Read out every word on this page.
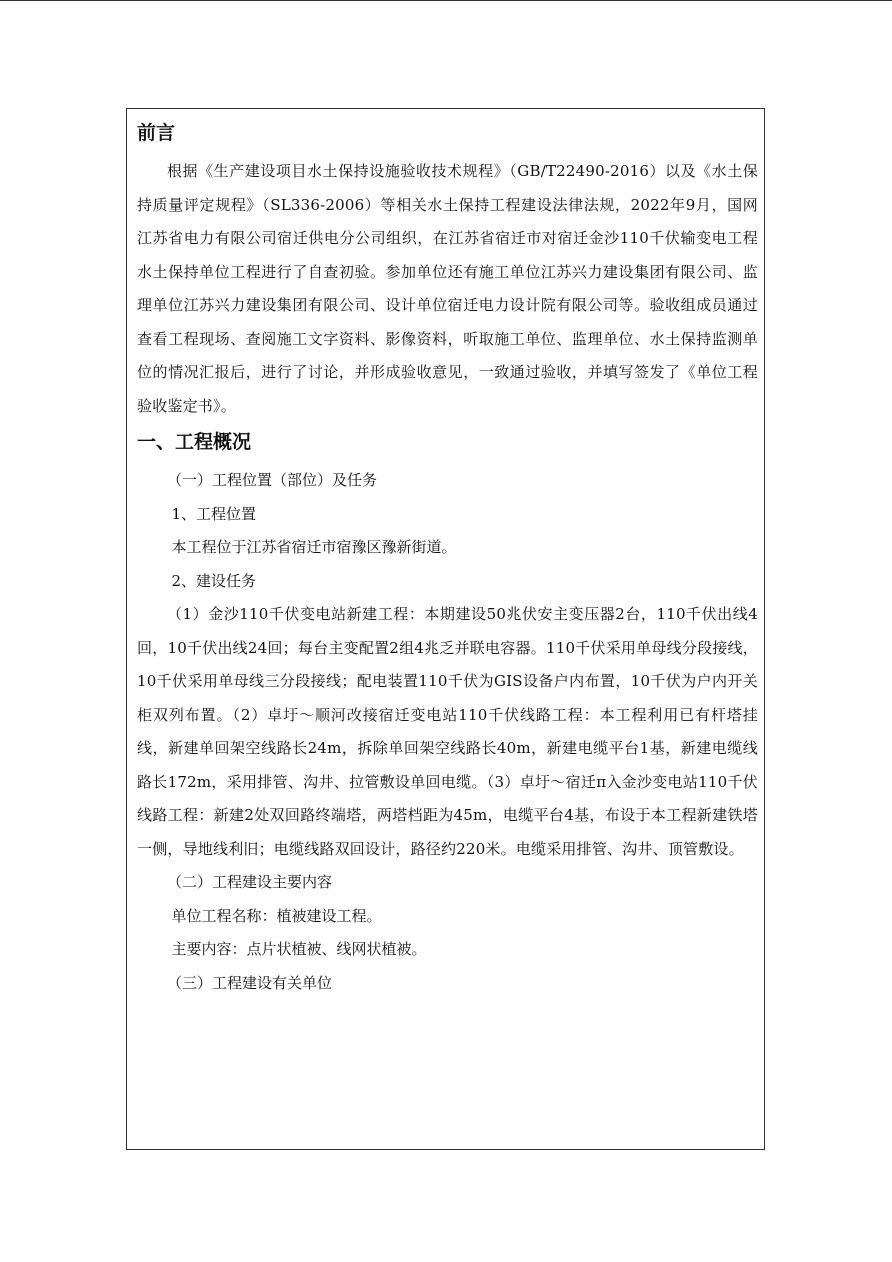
前言

根据《生产建设项目水土保持设施验收技术规程》（GB/T22490-2016）以及《水土保持质量评定规程》（SL336-2006）等相关水土保持工程建设法律法规，2022年9月，国网江苏省电力有限公司宿迁供电分公司组织，在江苏省宿迁市对宿迁金沙110千伏输变电工程水土保持单位工程进行了自查初验。参加单位还有施工单位江苏兴力建设集团有限公司、监理单位江苏兴力建设集团有限公司、设计单位宿迁电力设计院有限公司等。验收组成员通过查看工程现场、查阅施工文字资料、影像资料，听取施工单位、监理单位、水土保持监测单位的情况汇报后，进行了讨论，并形成验收意见，一致通过验收，并填写签发了《单位工程验收鉴定书》。

一、工程概况

（一）工程位置（部位）及任务

1、工程位置

本工程位于江苏省宿迁市宿豫区豫新街道。

2、建设任务

（1）金沙110千伏变电站新建工程：本期建设50兆伏安主变压器2台，110千伏出线4回，10千伏出线24回；每台主变配置2组4兆乏并联电容器。110千伏采用单母线分段接线，10千伏采用单母线三分段接线；配电装置110千伏为GIS设备户内布置，10千伏为户内开关柜双列布置。（2）卓圩～顺河改接宿迁变电站110千伏线路工程：本工程利用已有杆塔挂线，新建单回架空线路长24m，拆除单回架空线路长40m，新建电缆平台1基，新建电缆线路长172m，采用排管、沟井、拉管敷设单回电缆。（3）卓圩～宿迁π入金沙变电站110千伏线路工程：新建2处双回路终端塔，两塔档距为45m，电缆平台4基，布设于本工程新建铁塔一侧，导地线利旧；电缆线路双回设计，路径约220米。电缆采用排管、沟井、顶管敷设。

（二）工程建设主要内容

单位工程名称：植被建设工程。

主要内容：点片状植被、线网状植被。

（三）工程建设有关单位
